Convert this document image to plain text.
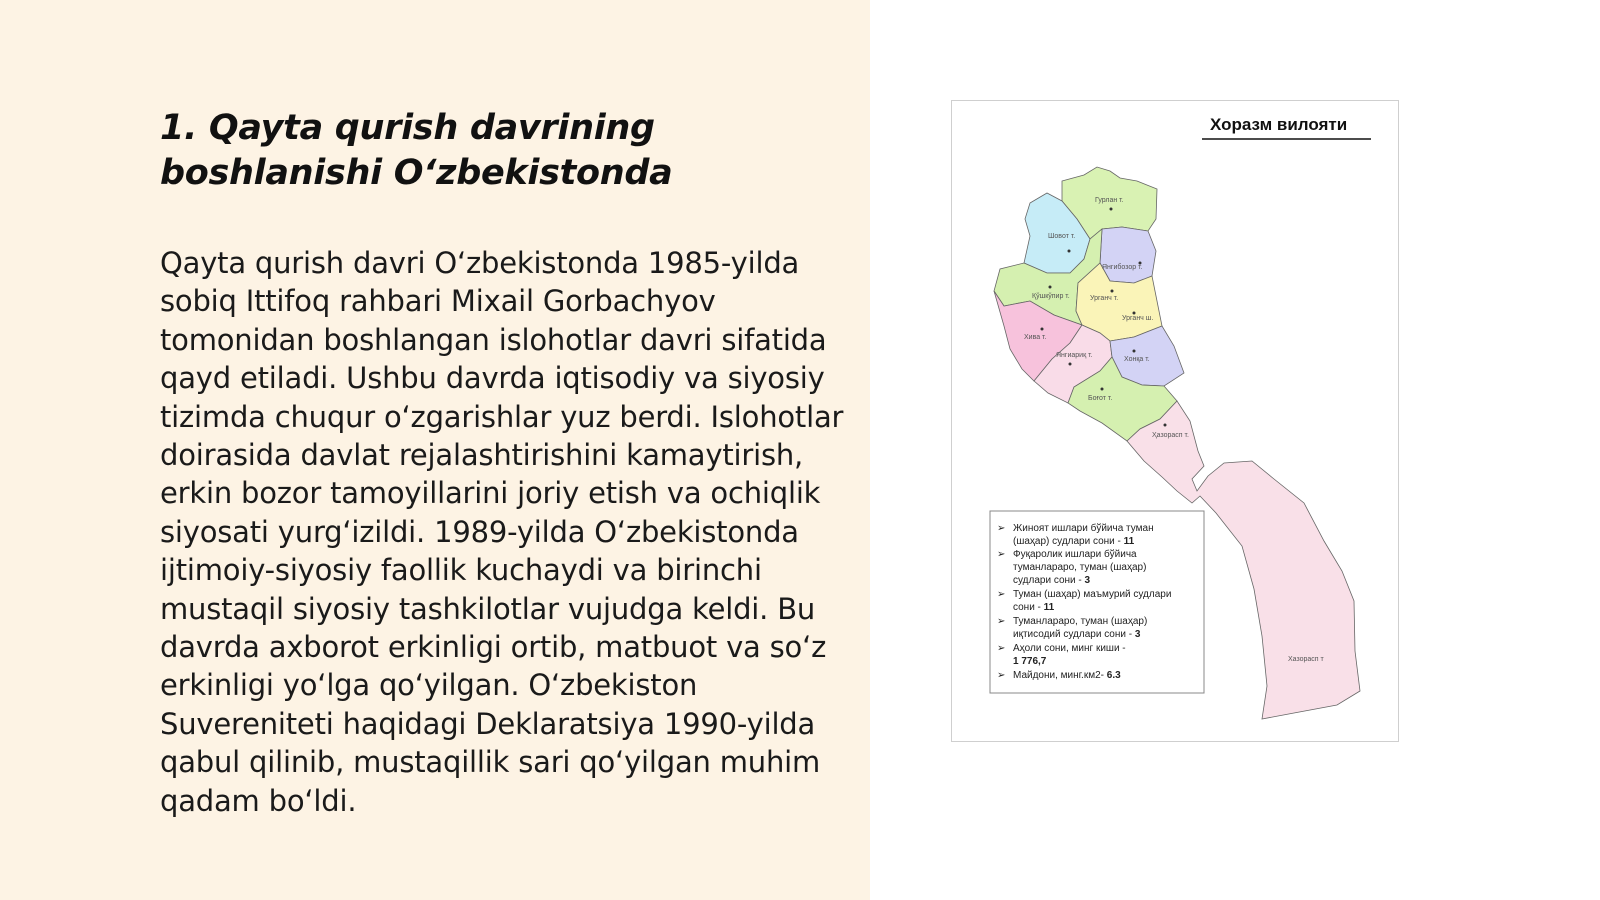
1. Qayta qurish davrining boshlanishi O‘zbekistonda

Qayta qurish davri O‘zbekistonda 1985-yilda sobiq Ittifoq rahbari Mixail Gorbachyov tomonidan boshlangan islohotlar davri sifatida qayd etiladi. Ushbu davrda iqtisodiy va siyosiy tizimda chuqur o‘zgarishlar yuz berdi. Islohotlar doirasida davlat rejalashtirishini kamaytirish, erkin bozor tamoyillarini joriy etish va ochiqlik siyosati yurg‘izildi. 1989-yilda O‘zbekistonda ijtimoiy-siyosiy faollik kuchaydi va birinchi mustaqil siyosiy tashkilotlar vujudga keldi. Bu davrda axborot erkinligi ortib, matbuot va so‘z erkinligi yo‘lga qo‘yilgan. O‘zbekiston Suvereniteti haqidagi Deklaratsiya 1990-yilda qabul qilinib, mustaqillik sari qo‘yilgan muhim qadam bo‘ldi.

Хоразм вилояти
Гурлан т.
Шовот т.
Янгибозор т.
Қўшкўпир т.	Урганч т.
Урганч ш.
Хива т.
Янгиариқ т.
Хонқа т.
Боғот т.
Ҳазорасп т.
Хазорасп т
➢ Жиноят ишлари бўйича туман
(шаҳар) судлари сони - 11
➢ Фуқаролик ишлари бўйича
туманлараро, туман (шаҳар)
судлари сони - 3
➢ Туман (шаҳар) маъмурий судлари
сони - 11
➢ Туманлараро, туман (шаҳар)
иқтисодий судлари сони - 3
➢ Аҳоли сони, минг киши -
1 776,7
➢ Майдони, минг.км2- 6.3
